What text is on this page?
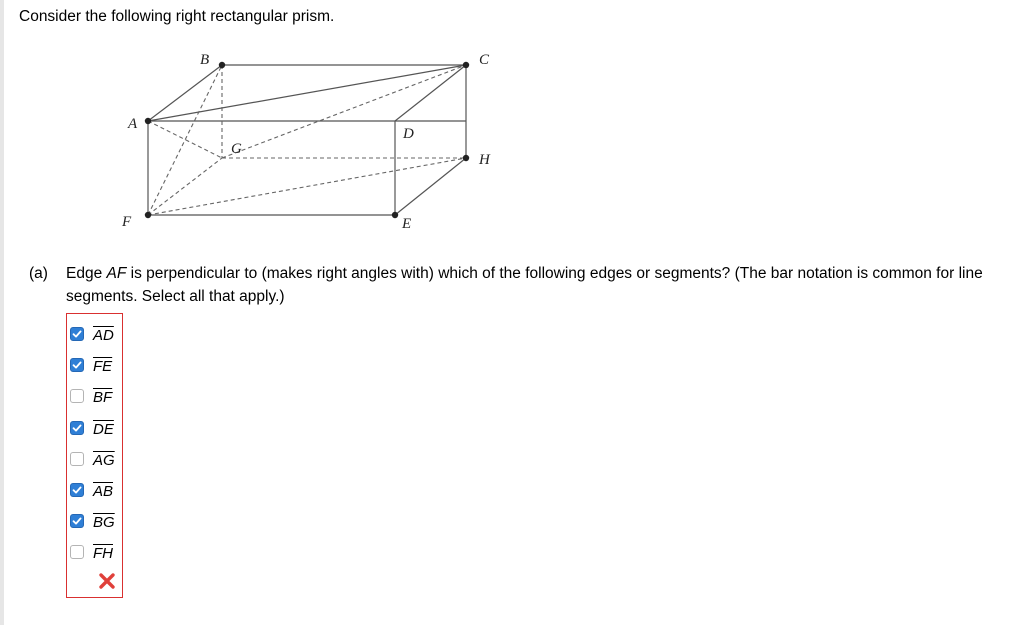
Consider the following right rectangular prism.
B	C
A
D
G
H
F	E
(a) Edge AF is perpendicular to (makes right angles with) which of the following edges or segments? (The bar notation is common for line segments. Select all that apply.)
$\overline{AD}$
$\overline{FE}$
$\overline{BF}$
$\overline{DE}$
$\overline{AG}$
$\overline{AB}$
$\overline{BG}$
$\overline{FH}$
